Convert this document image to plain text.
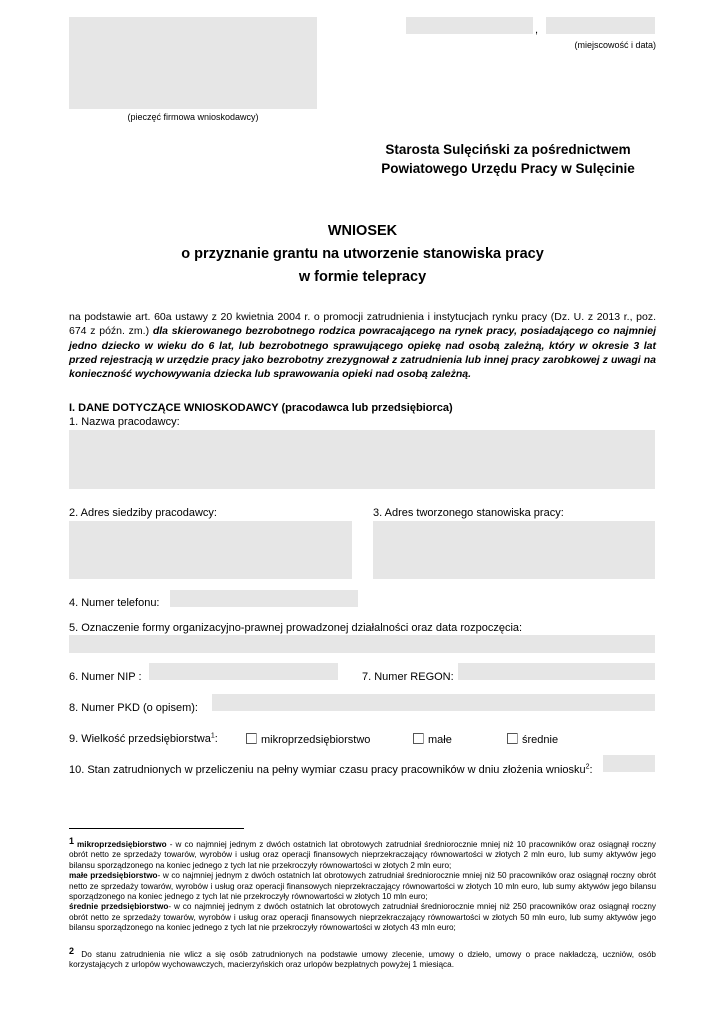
(pieczęć firmowa wnioskodawcy)
,
(miejscowość i data)
Starosta Sulęciński za pośrednictwem
Powiatowego Urzędu Pracy w Sulęcinie
WNIOSEK
o przyznanie grantu na utworzenie stanowiska pracy
w formie telepracy
na podstawie art. 60a ustawy z 20 kwietnia 2004 r. o promocji zatrudnienia i instytucjach rynku pracy (Dz. U. z 2013 r., poz. 674 z późn. zm.) dla skierowanego bezrobotnego rodzica powracającego na rynek pracy, posiadającego co najmniej jedno dziecko w wieku do 6 lat, lub bezrobotnego sprawującego opiekę nad osobą zależną, który w okresie 3 lat przed rejestracją w urzędzie pracy jako bezrobotny zrezygnował z zatrudnienia lub innej pracy zarobkowej z uwagi na konieczność wychowywania dziecka lub sprawowania opieki nad osobą zależną.
I. DANE DOTYCZĄCE WNIOSKODAWCY (pracodawca lub przedsiębiorca)
1. Nazwa pracodawcy:
2. Adres siedziby pracodawcy:	3. Adres tworzonego stanowiska pracy:
4. Numer telefonu:
5. Oznaczenie formy organizacyjno-prawnej prowadzonej działalności oraz data rozpoczęcia:
6. Numer NIP :	7. Numer REGON:
8. Numer PKD (o opisem):
9. Wielkość przedsiębiorstwa$^1$:	mikroprzedsiębiorstwo	małe	średnie
10. Stan zatrudnionych w przeliczeniu na pełny wymiar czasu pracy pracowników w dniu złożenia wniosku$^2$:
1 mikroprzedsiębiorstwo - w co najmniej jednym z dwóch ostatnich lat obrotowych zatrudniał średniorocznie mniej niż 10 pracowników oraz osiągnął roczny obrót netto ze sprzedaży towarów, wyrobów i usług oraz operacji finansowych nieprzekraczający równowartości w złotych 2 mln euro, lub sumy aktywów jego bilansu sporządzonego na koniec jednego z tych lat nie przekroczyły równowartości w złotych 2 mln euro;
małe przedsiębiorstwo- w co najmniej jednym z dwóch ostatnich lat obrotowych zatrudniał średniorocznie mniej niż 50 pracowników oraz osiągnął roczny obrót netto ze sprzedaży towarów, wyrobów i usług oraz operacji finansowych nieprzekraczający równowartości w złotych 10 mln euro, lub sumy aktywów jego bilansu sporządzonego na koniec jednego z tych lat nie przekroczyły równowartości w złotych 10 mln euro;
średnie przedsiębiorstwo- w co najmniej jednym z dwóch ostatnich lat obrotowych zatrudniał średniorocznie mniej niż 250 pracowników oraz osiągnął roczny obrót netto ze sprzedaży towarów, wyrobów i usług oraz operacji finansowych nieprzekraczający równowartości w złotych 50 mln euro, lub sumy aktywów jego bilansu sporządzonego na koniec jednego z tych lat nie przekroczyły równowartości w złotych 43 mln euro;
2 Do stanu zatrudnienia nie wlicz a się osób zatrudnionych na podstawie umowy zlecenie, umowy o dzieło, umowy o prace nakładczą, uczniów, osób korzystających z urlopów wychowawczych, macierzyńskich oraz urlopów bezpłatnych powyżej 1 miesiąca.
